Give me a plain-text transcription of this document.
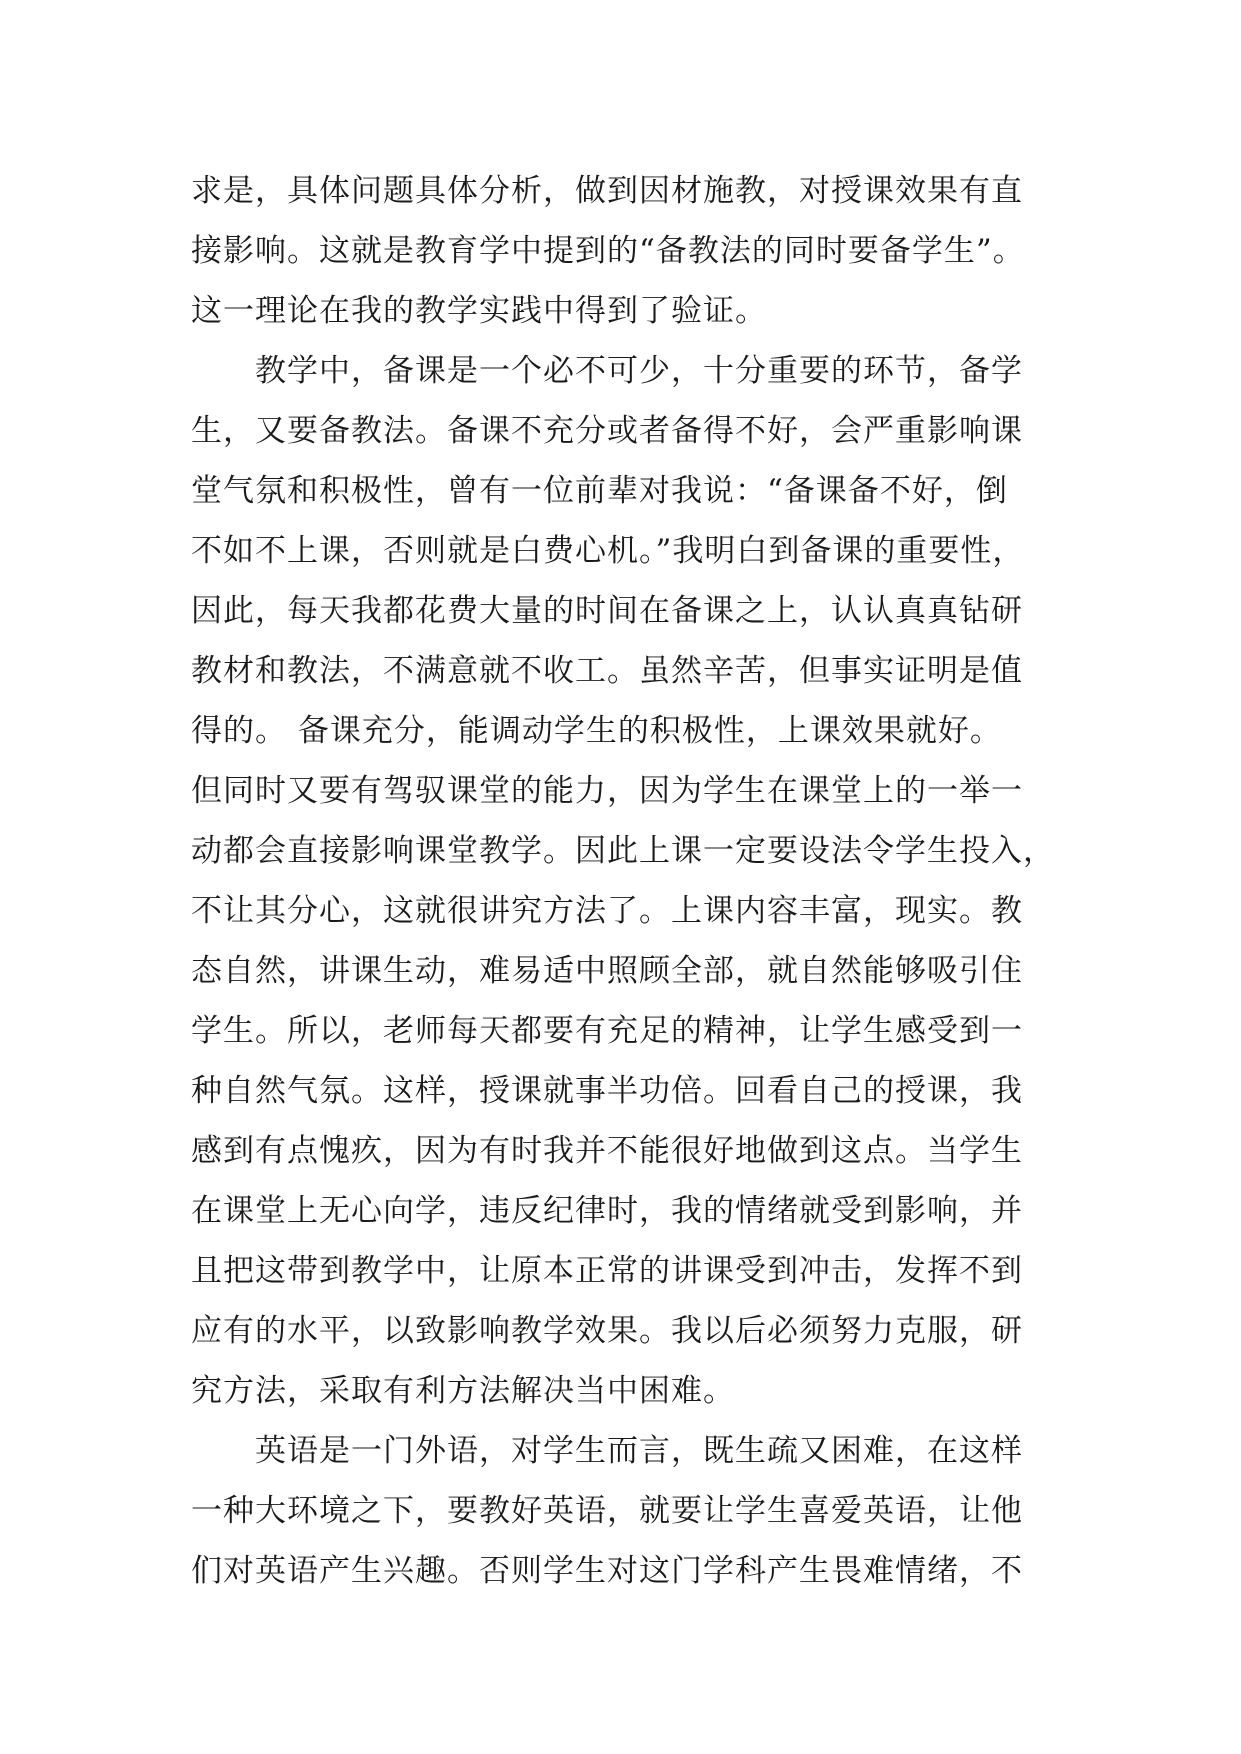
求是，具体问题具体分析，做到因材施教，对授课效果有直
接影响。这就是教育学中提到的“备教法的同时要备学生”。
这一理论在我的教学实践中得到了验证。
教学中，备课是一个必不可少，十分重要的环节，备学
生，又要备教法。备课不充分或者备得不好，会严重影响课
堂气氛和积极性，曾有一位前辈对我说：“备课备不好，倒
不如不上课，否则就是白费心机。”我明白到备课的重要性，
因此，每天我都花费大量的时间在备课之上，认认真真钻研
教材和教法，不满意就不收工。虽然辛苦，但事实证明是值
得的。 备课充分，能调动学生的积极性，上课效果就好。
但同时又要有驾驭课堂的能力，因为学生在课堂上的一举一
动都会直接影响课堂教学。因此上课一定要设法令学生投入，
不让其分心，这就很讲究方法了。上课内容丰富，现实。教
态自然，讲课生动，难易适中照顾全部，就自然能够吸引住
学生。所以，老师每天都要有充足的精神，让学生感受到一
种自然气氛。这样，授课就事半功倍。回看自己的授课，我
感到有点愧疚，因为有时我并不能很好地做到这点。当学生
在课堂上无心向学，违反纪律时，我的情绪就受到影响，并
且把这带到教学中，让原本正常的讲课受到冲击，发挥不到
应有的水平，以致影响教学效果。我以后必须努力克服，研
究方法，采取有利方法解决当中困难。
英语是一门外语，对学生而言，既生疏又困难，在这样
一种大环境之下，要教好英语，就要让学生喜爱英语，让他
们对英语产生兴趣。否则学生对这门学科产生畏难情绪，不
